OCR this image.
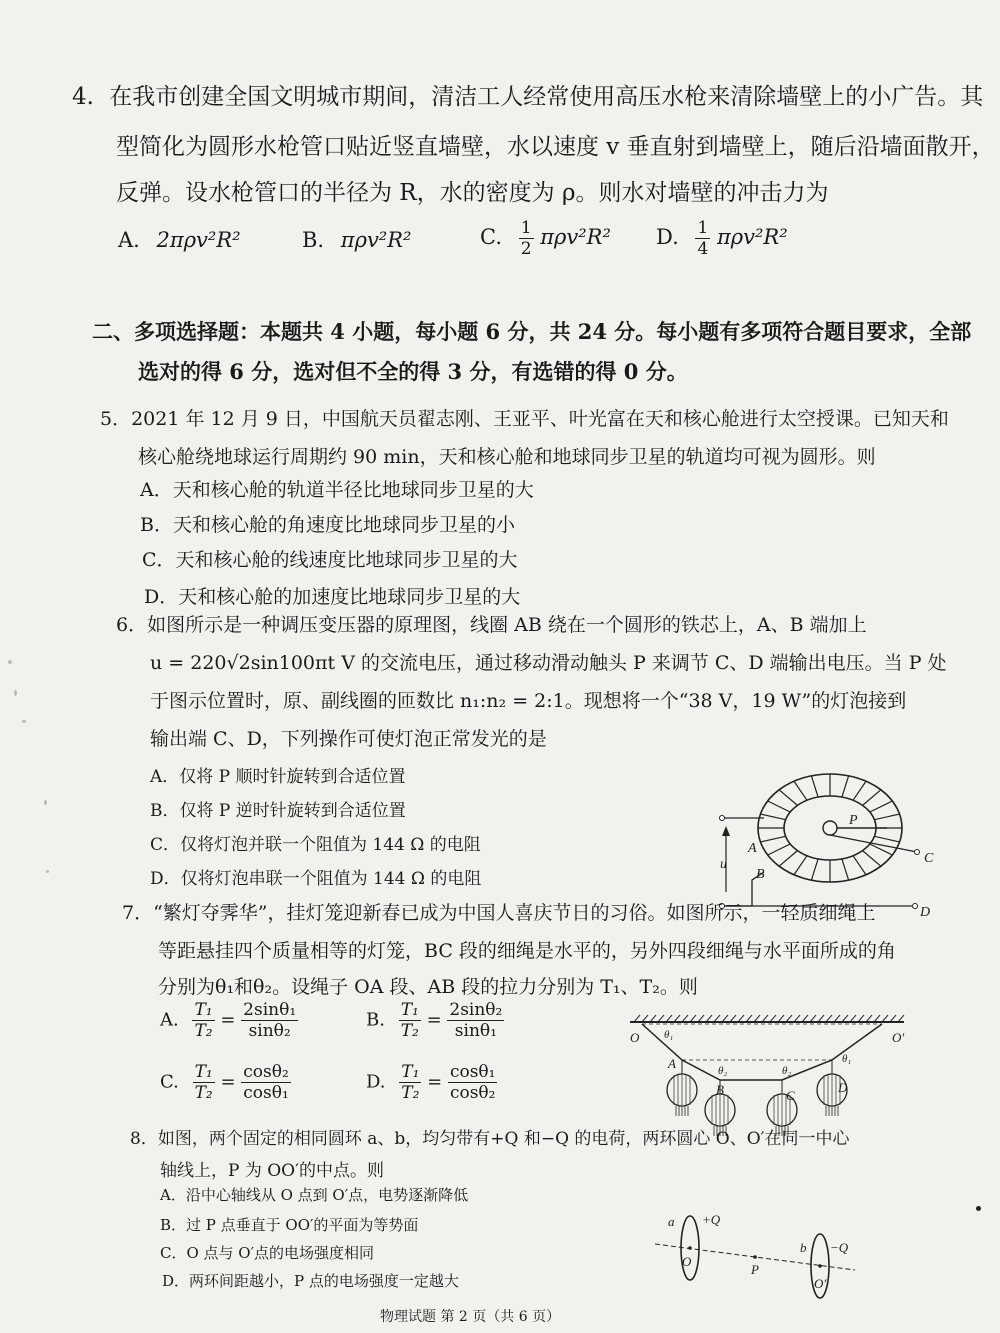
4. 在我市创建全国文明城市期间，清洁工人经常使用高压水枪来清除墙壁上的小广告。其
型简化为圆形水枪管口贴近竖直墙壁，水以速度 v 垂直射到墙壁上，随后沿墙面散开，
反弹。设水枪管口的半径为 R，水的密度为 ρ。则水对墙壁的冲击力为
A. 2πρv²R²	B. πρv²R²	C. $\frac{1}{2} \pi\rho v^2R^2$ D. $\frac{1}{4} \pi\rho v^2R^2$
二、多项选择题：本题共 4 小题，每小题 6 分，共 24 分。每小题有多项符合题目要求，全部
选对的得 6 分，选对但不全的得 3 分，有选错的得 0 分。
5．2021 年 12 月 9 日，中国航天员翟志刚、王亚平、叶光富在天和核心舱进行太空授课。已知天和
核心舱绕地球运行周期约 90 min，天和核心舱和地球同步卫星的轨道均可视为圆形。则
A．天和核心舱的轨道半径比地球同步卫星的大
B．天和核心舱的角速度比地球同步卫星的小
C．天和核心舱的线速度比地球同步卫星的大
D．天和核心舱的加速度比地球同步卫星的大
6．如图所示是一种调压变压器的原理图，线圈 AB 绕在一个圆形的铁芯上，A、B 端加上
u = 220√2sin100πt V 的交流电压，通过移动滑动触头 P 来调节 C、D 端输出电压。当 P 处
于图示位置时，原、副线圈的匝数比 n₁:n₂ = 2:1。现想将一个“38 V，19 W”的灯泡接到
输出端 C、D，下列操作可使灯泡正常发光的是
A．仅将 P 顺时针旋转到合适位置
B．仅将 P 逆时针旋转到合适位置
C．仅将灯泡并联一个阻值为 144 Ω 的电阻
D．仅将灯泡串联一个阻值为 144 Ω 的电阻
u
A
B
P
C
D
7．“繁灯夺霁华”，挂灯笼迎新春已成为中国人喜庆节日的习俗。如图所示，一轻质细绳上
等距悬挂四个质量相等的灯笼，BC 段的细绳是水平的，另外四段细绳与水平面所成的角
分别为θ₁和θ₂。设绳子 OA 段、AB 段的拉力分别为 T₁、T₂。则
A. $\frac{\text{T₁}}{\text{T₂}} = \frac{\text{2sinθ₁}}{\text{sinθ₂}}$	B. $\frac{\text{T₁}}{\text{T₂}} = \frac{\text{2sinθ₂}}{\text{sinθ₁}}$
C. $\frac{\text{T₁}}{\text{T₂}} = \frac{\text{cosθ₂}}{\text{cosθ₁}}$	D. $\frac{\text{T₁}}{\text{T₂}} = \frac{\text{cosθ₁}}{\text{cosθ₂}}$
O	O′
A
B	C
D
θ₁
θ₂	θ₂
θ₁
8．如图，两个固定的相同圆环 a、b，均匀带有+Q 和−Q 的电荷，两环圆心 O、O′在同一中心
轴线上，P 为 OO′的中点。则
A．沿中心轴线从 O 点到 O′点，电势逐渐降低
B．过 P 点垂直于 OO′的平面为等势面
C．O 点与 O′点的电场强度相同
D．两环间距越小，P 点的电场强度一定越大
a +Q
O
P
b −Q
O′
物理试题 第 2 页（共 6 页）
